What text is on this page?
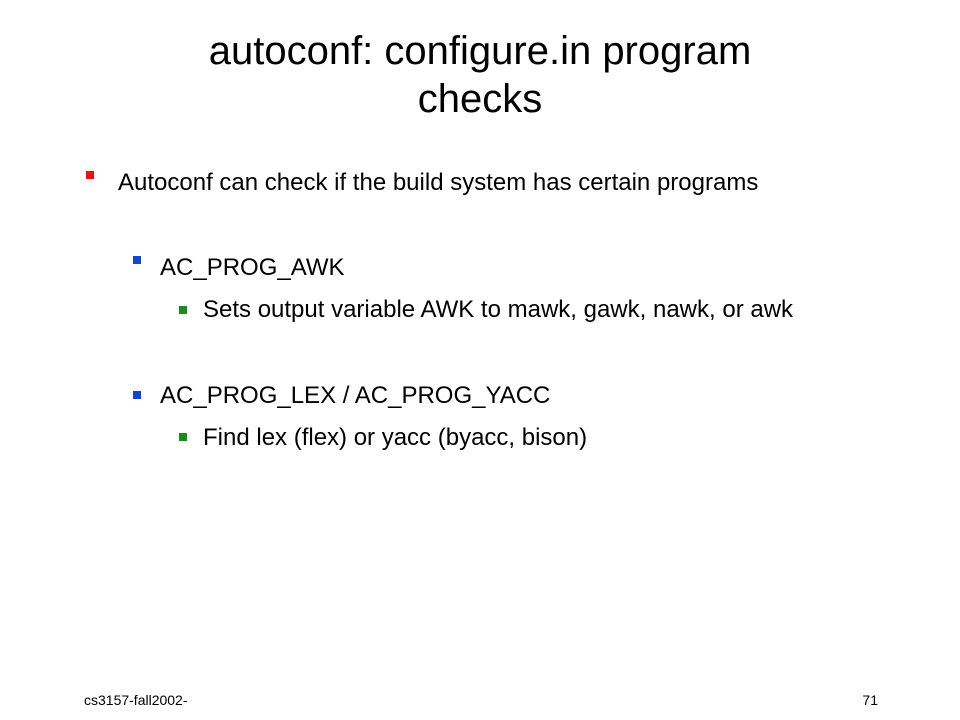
autoconf: configure.in program
checks
Autoconf can check if the build system has certain programs
AC_PROG_AWK
Sets output variable AWK to mawk, gawk, nawk, or awk
AC_PROG_LEX / AC_PROG_YACC
Find lex (flex) or yacc (byacc, bison)
cs3157-fall2002-	71
